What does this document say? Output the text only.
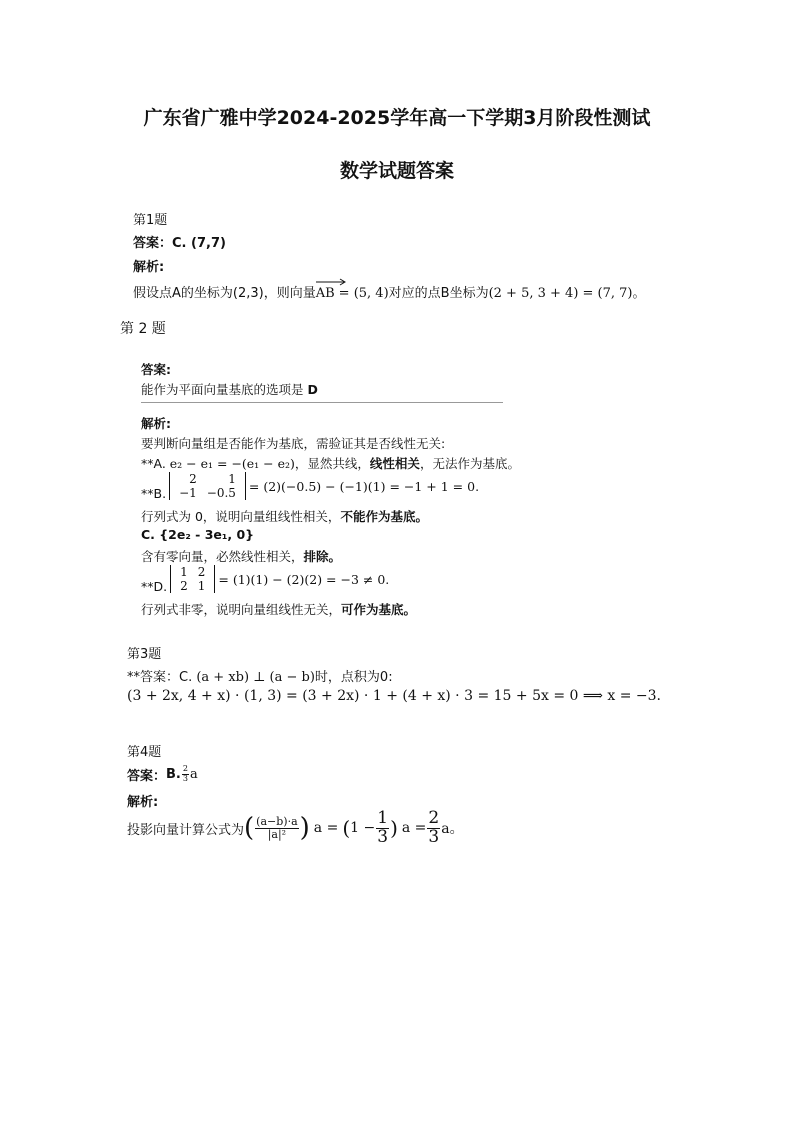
广东省广雅中学2024-2025学年高一下学期3月阶段性测试
数学试题答案
第1题
答案：C. (7,7)
解析:
假设点A的坐标为(2,3)，则向量
AB = (5, 4)对应的点B坐标为(2 + 5, 3 + 4) = (7, 7)。
第 2 题
答案:
能作为平面向量基底的选项是 D
解析:
要判断向量组是否能作为基底，需验证其是否线性无关:
**A. e₂ − e₁ = −(e₁ − e₂)，显然共线，线性相关，无法作为基底。
**B.
2	1
−1	−0.5 = (2)(−0.5) − (−1)(1) = −1 + 1 = 0.
行列式为 0，说明向量组线性相关，不能作为基底。
C. {2e₂ - 3e₁, 0}
含有零向量，必然线性相关，排除。
**D.
1	2
2	1 = (1)(1) − (2)(2) = −3 ≠ 0.
行列式非零，说明向量组线性无关，可作为基底。
第3题
**答案：C. (a + xb) ⊥ (a − b)时，点积为0:
(3 + 2x, 4 + x) · (1, 3) = (3 + 2x) · 1 + (4 + x) · 3 = 15 + 5x = 0 ⟹ x = −3.
第4题
答案： B. $\frac{2}{3}$ a
解析:
投影向量计算公式为 ( $\frac{(a-b)\cdot a}{\text{|a|²}}$ ) a = ( $1 - \frac{1}{3}$ ) $a = \frac{2}{3}$ a。
